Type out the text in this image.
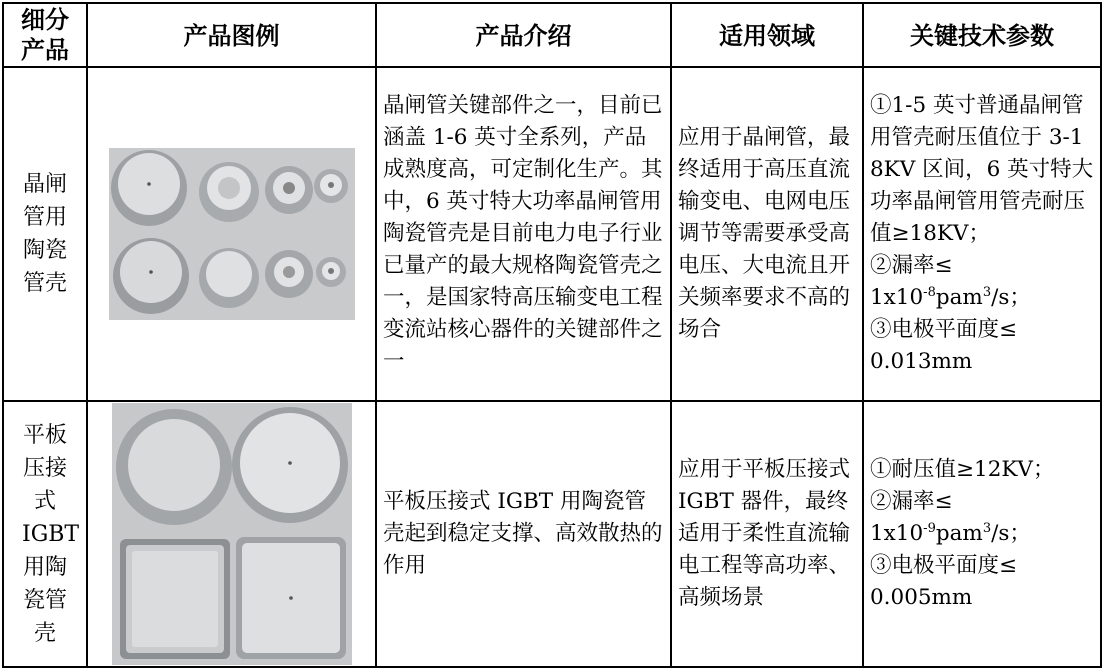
细分产品	产品图例	产品介绍	适用领域	关键技术参数

晶闸管用陶瓷管壳		晶闸管关键部件之一，目前已涵盖 1-6 英寸全系列，产品成熟度高，可定制化生产。其中，6 英寸特大功率晶闸管用陶瓷管壳是目前电力电子行业已量产的最大规格陶瓷管壳之一，是国家特高压输变电工程变流站核心器件的关键部件之一	应用于晶闸管，最终适用于高压直流输变电、电网电压调节等需要承受高电压、大电流且开关频率要求不高的场合	①1-5 英寸普通晶闸管用管壳耐压值位于 3-18KV 区间，6 英寸特大功率晶闸管用管壳耐压值≥18KV；
②漏率≤
$1x10^{-8}pam^3/s$；
③电极平面度≤
0.013mm

平板压接式IGBT用陶瓷管壳		平板压接式 IGBT 用陶瓷管壳起到稳定支撑、高效散热的作用	应用于平板压接式 IGBT 器件，最终适用于柔性直流输电工程等高功率、高频场景	①耐压值≥12KV；
②漏率≤
$1x10^{-9}pam^3/s$；
③电极平面度≤
0.005mm
